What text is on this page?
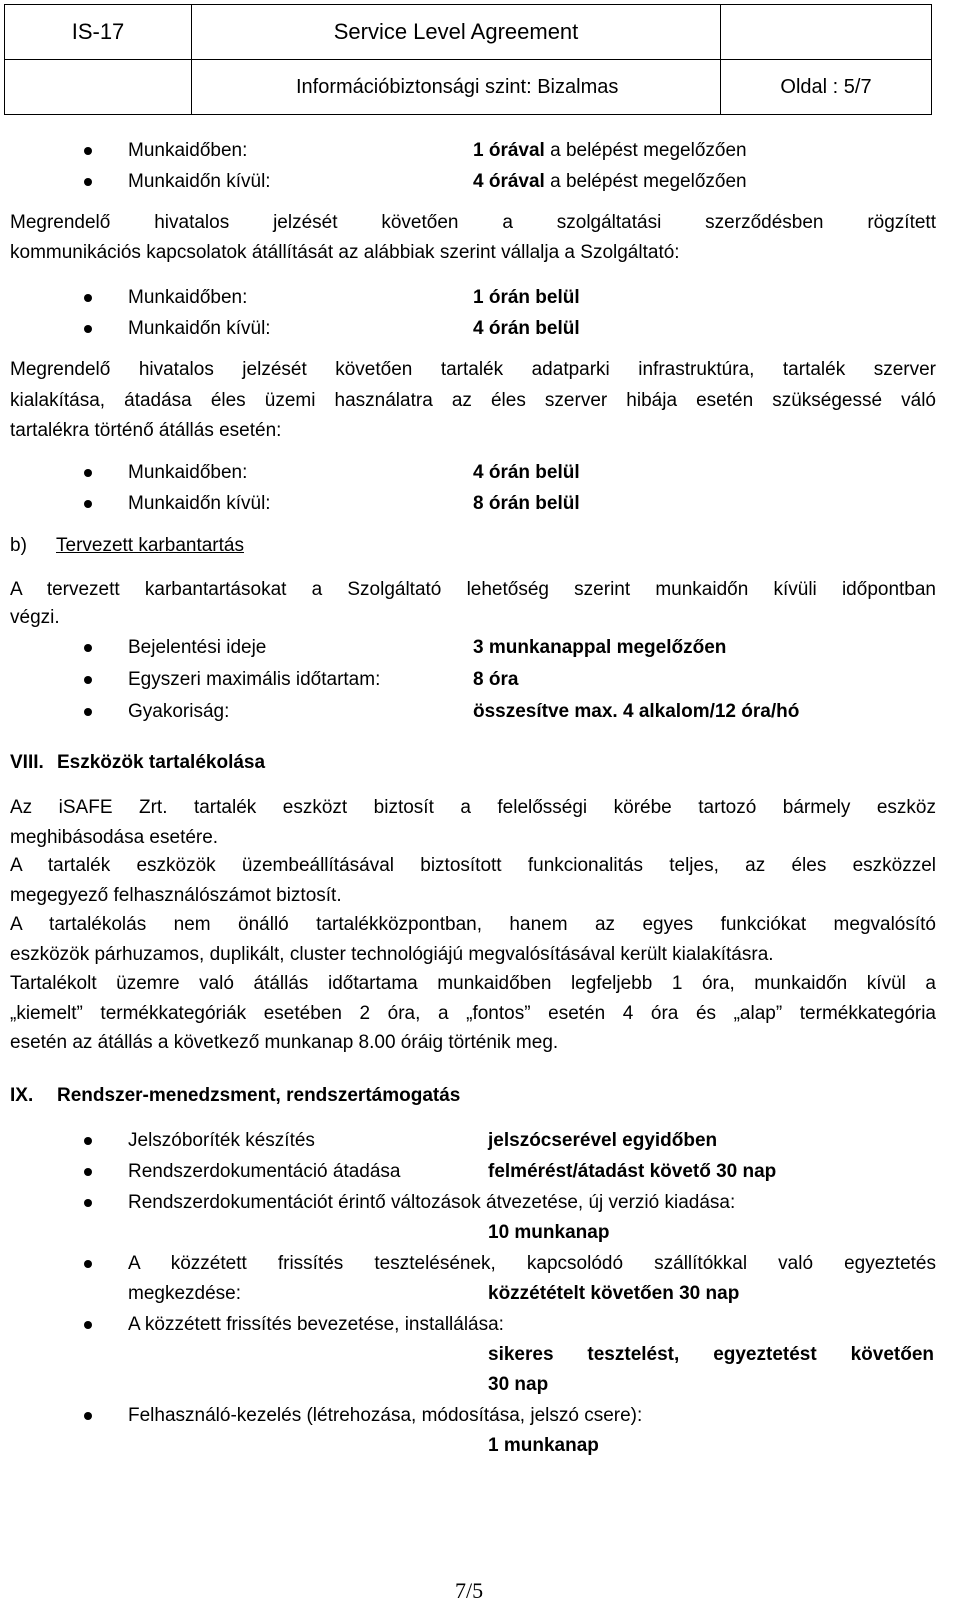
IS-17	Service Level Agreement	
	Információbiztonsági szint: Bizalmas	Oldal : 5/7
Munkaidőben:	1 órával a belépést megelőzően
Munkaidőn kívül:	4 órával a belépést megelőzően
Megrendelő hivatalos jelzését követően a szolgáltatási szerződésben rögzített
kommunikációs kapcsolatok átállítását az alábbiak szerint vállalja a Szolgáltató:
Munkaidőben:	1 órán belül
Munkaidőn kívül:	4 órán belül
Megrendelő hivatalos jelzését követően tartalék adatparki infrastruktúra, tartalék szerver
kialakítása, átadása éles üzemi használatra az éles szerver hibája esetén szükségessé váló
tartalékra történő átállás esetén:
Munkaidőben:	4 órán belül
Munkaidőn kívül:	8 órán belül
b) Tervezett karbantartás
A tervezett karbantartásokat a Szolgáltató lehetőség szerint munkaidőn kívüli időpontban
végzi.
Bejelentési ideje	3 munkanappal megelőzően
Egyszeri maximális időtartam:	8 óra
Gyakoriság:	összesítve max. 4 alkalom/12 óra/hó
VIII. Eszközök tartalékolása
Az iSAFE Zrt. tartalék eszközt biztosít a felelősségi körébe tartozó bármely eszköz
meghibásodása esetére.
A tartalék eszközök üzembeállításával biztosított funkcionalitás teljes, az éles eszközzel
megegyező felhasználószámot biztosít.
A tartalékolás nem önálló tartalékközpontban, hanem az egyes funkciókat megvalósító
eszközök párhuzamos, duplikált, cluster technológiájú megvalósításával került kialakításra.
Tartalékolt üzemre való átállás időtartama munkaidőben legfeljebb 1 óra, munkaidőn kívül a
„kiemelt” termékkategóriák esetében 2 óra, a „fontos” esetén 4 óra és „alap” termékkategória
esetén az átállás a következő munkanap 8.00 óráig történik meg.
IX. Rendszer-menedzsment, rendszertámogatás
Jelszóboríték készítés	jelszócserével egyidőben
Rendszerdokumentáció átadása	felmérést/átadást követő 30 nap
Rendszerdokumentációt érintő változások átvezetése, új verzió kiadása:
10 munkanap
A közzétett frissítés tesztelésének, kapcsolódó szállítókkal való egyeztetés
megkezdése:	közzétételt követően 30 nap
A közzétett frissítés bevezetése, installálása:
sikeres tesztelést, egyeztetést követően
30 nap
Felhasználó-kezelés (létrehozása, módosítása, jelszó csere):
1 munkanap
7/5
